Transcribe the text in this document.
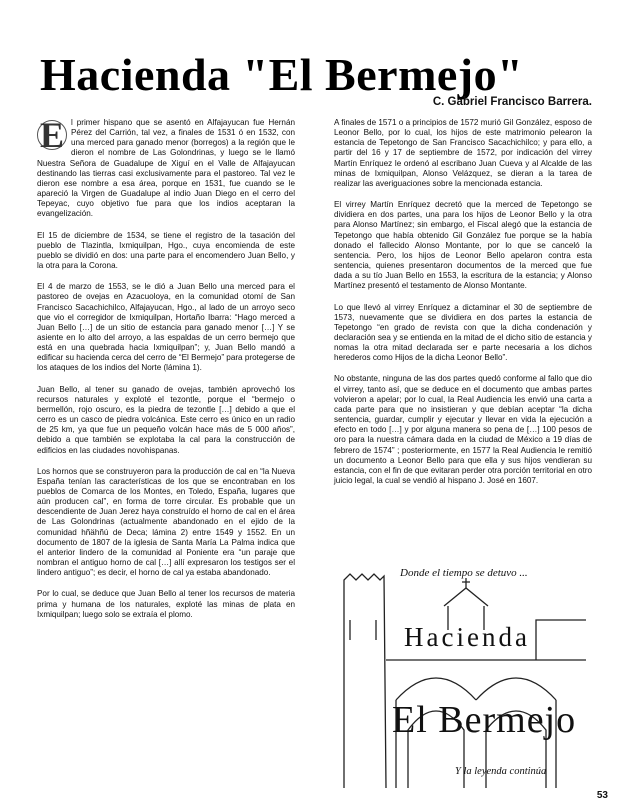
Hacienda "El Bermejo"
C. Gabriel Francisco Barrera.

E l primer hispano que se asentó en Alfajayucan fue Hernán Pérez del Carrión, tal vez, a finales de 1531 ó en 1532, con una merced para ganado menor (borregos) a la región que le dieron el nombre de Las Golondrinas, y luego se le llamó Nuestra Señora de Guadalupe de Xiguí en el Valle de Alfajayucan destinando las tierras casi exclusivamente para el pastoreo. Tal vez le dieron ese nombre a esa área, porque en 1531, fue cuando se le apareció la Virgen de Guadalupe al indio Juan Diego en el cerro del Tepeyac, cuyo objetivo fue para que los indios aceptaran la evangelización.

El 15 de diciembre de 1534, se tiene el registro de la tasación del pueblo de Tlazintla, Ixmiquilpan, Hgo., cuya encomienda de este pueblo se dividió en dos: una parte para el encomendero Juan Bello, y la otra para la Corona.

El 4 de marzo de 1553, se le dió a Juan Bello una merced para el pastoreo de ovejas en Azacuoloya, en la comunidad otomí de San Francisco Sacachichilco, Alfajayucan, Hgo., al lado de un arroyo seco que vio el corregidor de Ixmiquilpan, Hortaño Ibarra: “Hago merced a Juan Bello […] de un sitio de estancia para ganado menor […] Y se asiente en lo alto del arroyo, a las espaldas de un cerro bermejo que está en una quebrada hacia Ixmiquilpan”; y, Juan Bello mandó a edificar su hacienda cerca del cerro de “El Bermejo” para protegerse de los ataques de los indios del Norte (lámina 1).

Juan Bello, al tener su ganado de ovejas, también aprovechó los recursos naturales y exploté el tezontle, porque el “bermejo o bermellón, rojo oscuro, es la piedra de tezontle […] debido a que el cerro es un casco de piedra volcánica. Este cerro es único en un radio de 25 km, ya que fue un pequeño volcán hace más de 5 000 años”, debido a que también se explotaba la cal para la construcción de edificios en las ciudades novohispanas.

Los hornos que se construyeron para la producción de cal en “la Nueva España tenían las características de los que se encontraban en los pueblos de Comarca de los Montes, en Toledo, España, lugares que aún producen cal”, en forma de torre circular. Es probable que un descendiente de Juan Jerez haya construído el horno de cal en el área de Las Golondrinas (actualmente abandonado en el ejido de la comunidad hñähñú de Deca; lámina 2) entre 1549 y 1552. En un documento de 1807 de la iglesia de Santa María La Palma indica que el anterior lindero de la comunidad al Poniente era “un paraje que nombran el antiguo horno de cal […] allí expresaron los testigos ser el lindero antiguo”; es decir, el horno de cal ya estaba abandonado.

Por lo cual, se deduce que Juan Bello al tener los recursos de materia prima y humana de los naturales, exploté las minas de plata en Ixmiquilpan; luego solo se extraía el plomo.

A finales de 1571 o a principios de 1572 murió Gil González, esposo de Leonor Bello, por lo cual, los hijos de este matrimonio pelearon la estancia de Tepetongo de San Francisco Sacachichilco; y para ello, a partir del 16 y 17 de septiembre de 1572, por indicación del virrey Martín Enríquez le ordenó al escribano Juan Cueva y al Alcalde de las minas de Ixmiquilpan, Alonso Velázquez, se dieran a la tarea de realizar las averiguaciones sobre la mencionada estancia.

El virrey Martín Enríquez decretó que la merced de Tepetongo se dividiera en dos partes, una para los hijos de Leonor Bello y la otra para Alonso Martínez; sin embargo, el Fiscal alegó que la estancia de Tepetongo que había obtenido Gil González fue porque se la había donado el fallecido Alonso Montante, por lo que se canceló la sentencia. Pero, los hijos de Leonor Bello apelaron contra esta sentencia, quienes presentaron documentos de la merced que fue dada a su tío Juan Bello en 1553, la escritura de la estancia; y Alonso Martínez presentó el testamento de Alonso Montante.

Lo que llevó al virrey Enríquez a dictaminar el 30 de septiembre de 1573, nuevamente que se dividiera en dos partes la estancia de Tepetongo “en grado de revista con que la dicha condenación y declaración sea y se entienda en la mitad de el dicho sitio de estancia y nomas la otra mitad declarada ser e parte necesaria a los dichos herederos como Hijos de la dicha Leonor Bello”.

No obstante, ninguna de las dos partes quedó conforme al fallo que dio el virrey, tanto así, que se deduce en el documento que ambas partes volvieron a apelar; por lo cual, la Real Audiencia les envió una carta a cada parte para que no insistieran y que debían aceptar “la dicha sentencia, guardar, cumplir y ejecutar y llevar en vida la ejecución a efecto en todo […] y por alguna manera so pena de […] 100 pesos de oro para la nuestra cámara dada en la ciudad de México a 19 días de febrero de 1574” ; posteriormente, en 1577 la Real Audiencia le remitió un documento a Leonor Bello para que ella y sus hijos vendieran su estancia, con el fin de que evitaran perder otra porción territorial en otro juicio legal, la cual se vendió al hispano J. José en 1607.

Donde el tiempo se detuvo ...
Hacienda
El Bermejo
Y la leyenda continúa
53
